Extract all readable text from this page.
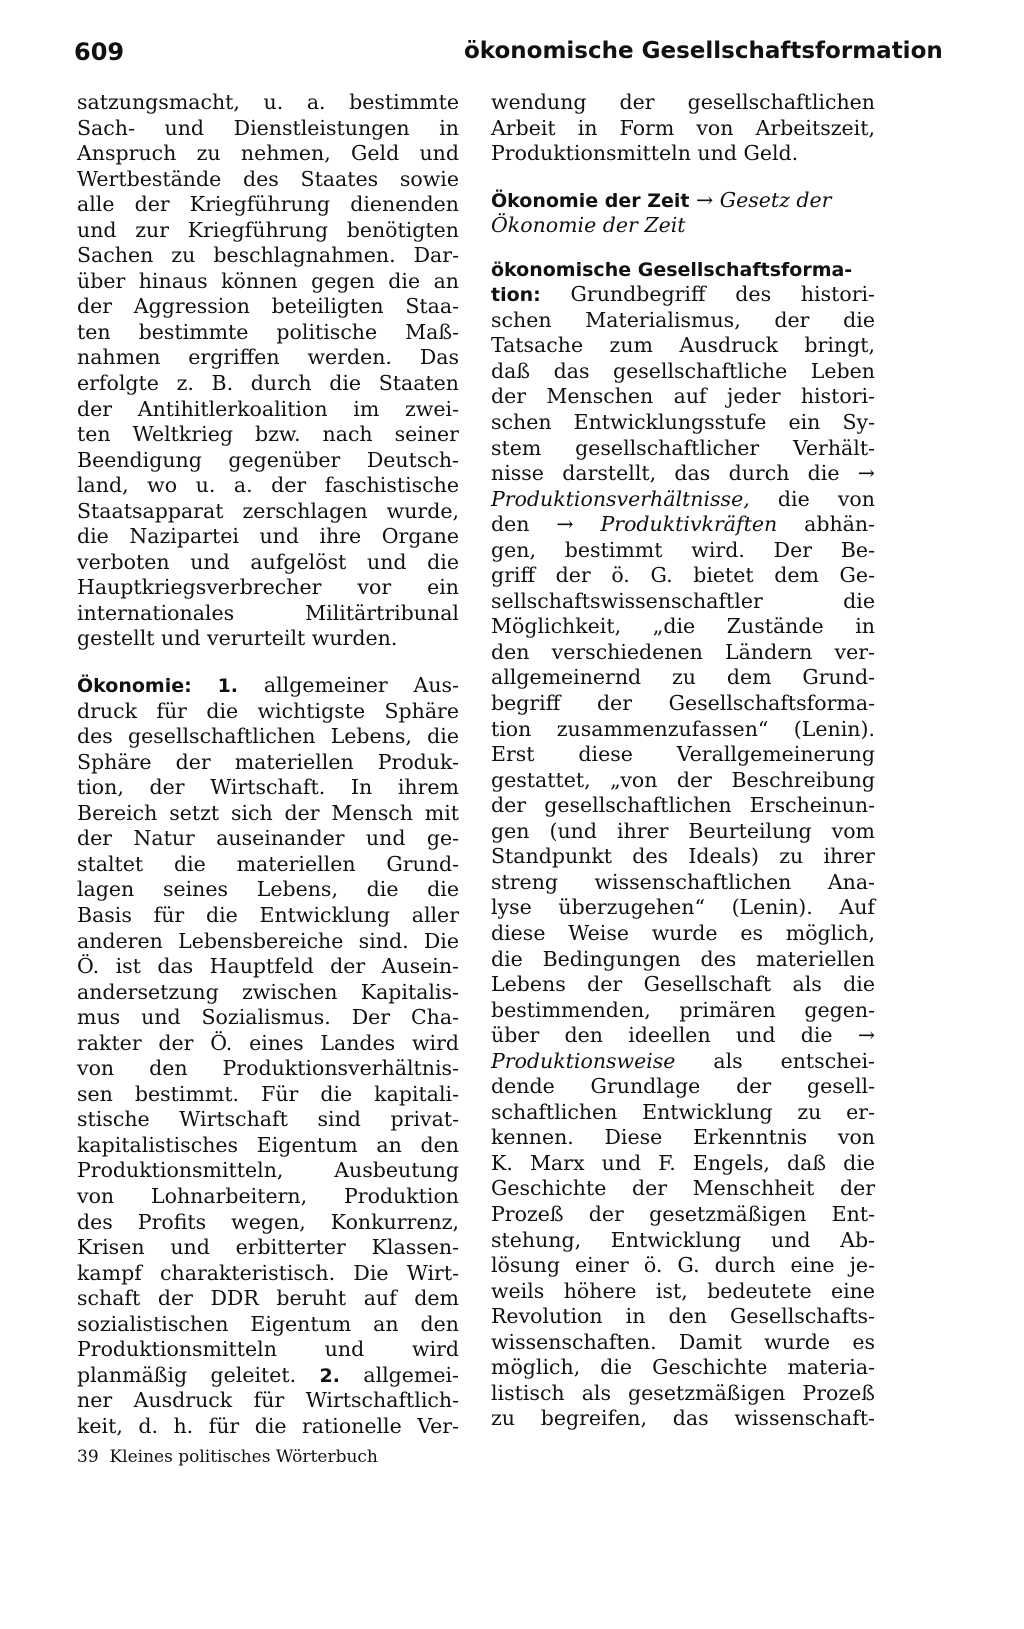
609	ökonomische Gesellschaftsformation
satzungsmacht, u. a. bestimmte
Sach- und Dienstleistungen in
Anspruch zu nehmen, Geld und
Wertbestände des Staates sowie
alle der Kriegführung dienenden
und zur Kriegführung benötigten
Sachen zu beschlagnahmen. Dar-
über hinaus können gegen die an
der Aggression beteiligten Staa-
ten bestimmte politische Maß-
nahmen ergriffen werden. Das
erfolgte z. B. durch die Staaten
der Antihitlerkoalition im zwei-
ten Weltkrieg bzw. nach seiner
Beendigung gegenüber Deutsch-
land, wo u. a. der faschistische
Staatsapparat zerschlagen wurde,
die Nazipartei und ihre Organe
verboten und aufgelöst und die
Hauptkriegsverbrecher vor ein
internationales Militärtribunal
gestellt und verurteilt wurden.
Ökonomie: 1. allgemeiner Aus-
druck für die wichtigste Sphäre
des gesellschaftlichen Lebens, die
Sphäre der materiellen Produk-
tion, der Wirtschaft. In ihrem
Bereich setzt sich der Mensch mit
der Natur auseinander und ge-
staltet die materiellen Grund-
lagen seines Lebens, die die
Basis für die Entwicklung aller
anderen Lebensbereiche sind. Die
Ö. ist das Hauptfeld der Ausein-
andersetzung zwischen Kapitalis-
mus und Sozialismus. Der Cha-
rakter der Ö. eines Landes wird
von den Produktionsverhältnis-
sen bestimmt. Für die kapitali-
stische Wirtschaft sind privat-
kapitalistisches Eigentum an den
Produktionsmitteln, Ausbeutung
von Lohnarbeitern, Produktion
des Profits wegen, Konkurrenz,
Krisen und erbitterter Klassen-
kampf charakteristisch. Die Wirt-
schaft der DDR beruht auf dem
sozialistischen Eigentum an den
Produktionsmitteln und wird
planmäßig geleitet. 2. allgemei-
ner Ausdruck für Wirtschaftlich-
keit, d. h. für die rationelle Ver-
wendung der gesellschaftlichen
Arbeit in Form von Arbeitszeit,
Produktionsmitteln und Geld.
Ökonomie der Zeit → Gesetz der
Ökonomie der Zeit
ökonomische Gesellschaftsforma-
tion: Grundbegriff des histori-
schen Materialismus, der die
Tatsache zum Ausdruck bringt,
daß das gesellschaftliche Leben
der Menschen auf jeder histori-
schen Entwicklungsstufe ein Sy-
stem gesellschaftlicher Verhält-
nisse darstellt, das durch die →
Produktionsverhältnisse, die von
den → Produktivkräften abhän-
gen, bestimmt wird. Der Be-
griff der ö. G. bietet dem Ge-
sellschaftswissenschaftler die
Möglichkeit, „die Zustände in
den verschiedenen Ländern ver-
allgemeinernd zu dem Grund-
begriff der Gesellschaftsforma-
tion zusammenzufassen“ (Lenin).
Erst diese Verallgemeinerung
gestattet, „von der Beschreibung
der gesellschaftlichen Erscheinun-
gen (und ihrer Beurteilung vom
Standpunkt des Ideals) zu ihrer
streng wissenschaftlichen Ana-
lyse überzugehen“ (Lenin). Auf
diese Weise wurde es möglich,
die Bedingungen des materiellen
Lebens der Gesellschaft als die
bestimmenden, primären gegen-
über den ideellen und die →
Produktionsweise als entschei-
dende Grundlage der gesell-
schaftlichen Entwicklung zu er-
kennen. Diese Erkenntnis von
K. Marx und F. Engels, daß die
Geschichte der Menschheit der
Prozeß der gesetzmäßigen Ent-
stehung, Entwicklung und Ab-
lösung einer ö. G. durch eine je-
weils höhere ist, bedeutete eine
Revolution in den Gesellschafts-
wissenschaften. Damit wurde es
möglich, die Geschichte materia-
listisch als gesetzmäßigen Prozeß
zu begreifen, das wissenschaft-
39 Kleines politisches Wörterbuch
